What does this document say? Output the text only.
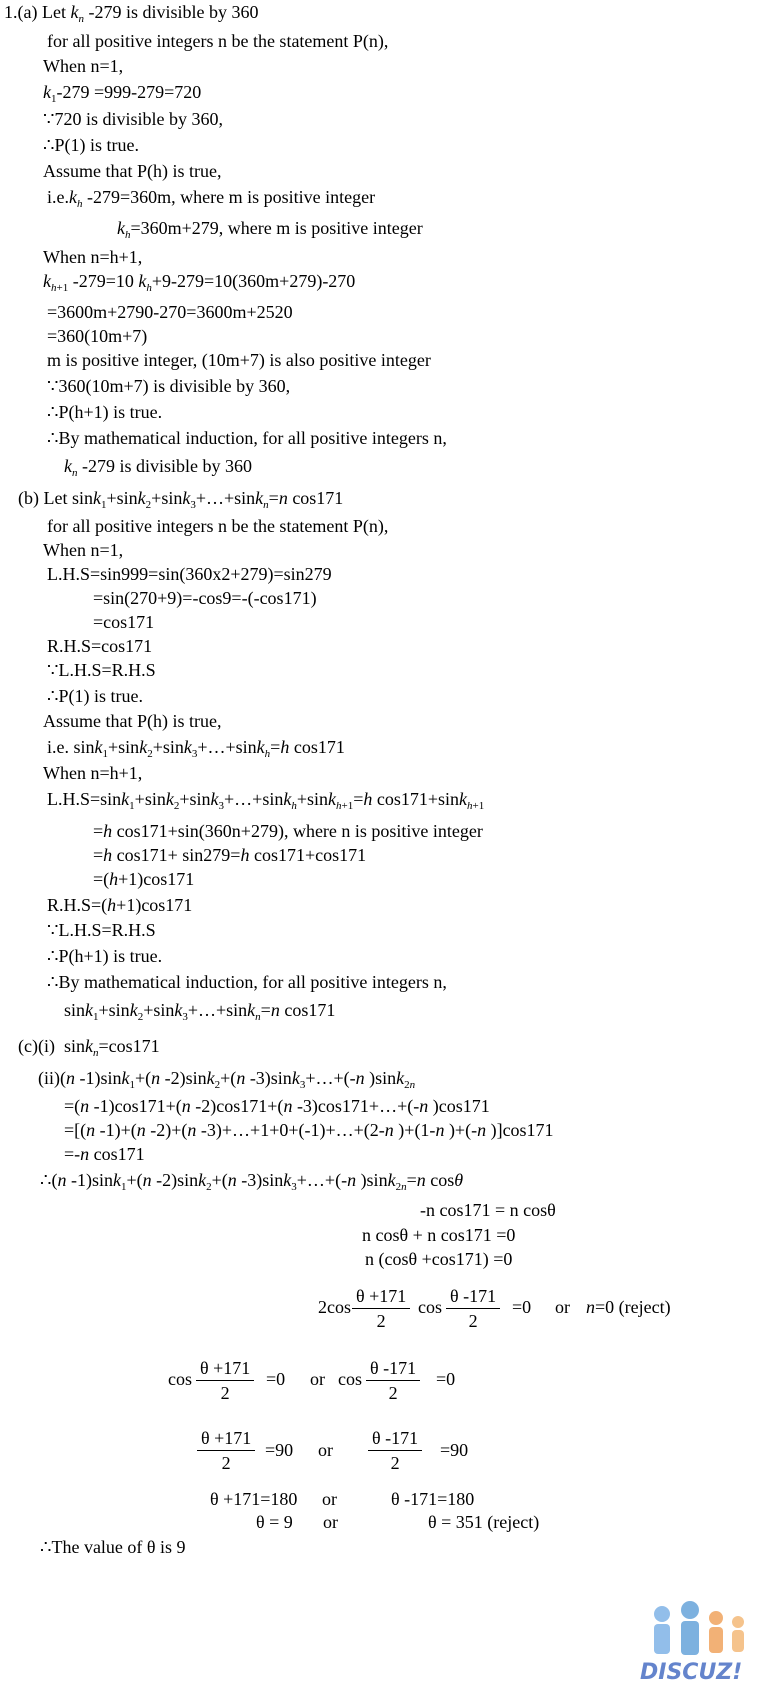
1.(a) Let $k_n$ -279 is divisible by 360
for all positive integers n be the statement P(n),
When n=1,
$k_1-279 =999-279=720$
∵720 is divisible by 360,
∴P(1) is true.
Assume that P(h) is true,
$i.e.k_h$ -279=360m, where m is positive integer
$k_h=360m+279$, where m is positive integer
When n=h+1,
$k_{h+1}$ -279=10 $k_h+9-279=10(360m+279)-270$
=3600m+2790-270=3600m+2520
=360(10m+7)
m is positive integer, (10m+7) is also positive integer
∵360(10m+7) is divisible by 360,
∴P(h+1) is true.
∴By mathematical induction, for all positive integers n,
$k_n$ -279 is divisible by 360
(b) Let sink$_1$+sink$_2$+sink$_3$+…+sink$_n$=n cos171
for all positive integers n be the statement P(n),
When n=1,
L.H.S=sin999=sin(360x2+279)=sin279
=sin(270+9)=-cos9=-(-cos171)
=cos171
R.H.S=cos171
∵L.H.S=R.H.S
∴P(1) is true.
Assume that P(h) is true,
i.e. sink$_1$+sink$_2$+sink$_3$+…+sink$_h$=h cos171
When n=h+1,
L.H.S=sink$_1$+sink$_2$+sink$_3$+…+sink$_h$+sink$_{h+1}$=h cos171+sink$_{h+1}$
=h cos171+sin(360n+279), where n is positive integer
=h cos171+ sin279=h cos171+cos171
=(h+1)cos171
R.H.S=(h+1)cos171
∵L.H.S=R.H.S
∴P(h+1) is true.
∴By mathematical induction, for all positive integers n,
sink$_1$+sink$_2$+sink$_3$+…+sink$_n$=n cos171
(c)(i)  sink$_n$=cos171
(ii)(n -1)sink$_1$+(n -2)sink$_2$+(n -3)sink$_3$+…+(-n )sink$_{2n}$
=(n -1)cos171+(n -2)cos171+(n -3)cos171+…+(-n )cos171
=[(n -1)+(n -2)+(n -3)+…+1+0+(-1)+…+(2-n )+(1-n )+(-n )]cos171
=-n cos171
∴(n -1)sink$_1$+(n -2)sink$_2$+(n -3)sink$_3$+…+(-n )sink$_{2n}$=n cosθ
-n cos171 = n cosθ
n cosθ + n cos171 =0
n (cosθ +cos171) =0
$2\cos \frac{\theta +171}{2}$ $\cos \frac{\theta -171}{2} =0$ or n=0 (reject)
$\cos \frac{\theta +171}{2} =0$ or $\cos \frac{\theta -171}{2} =0$
$\frac{\theta +171}{2} =90$ or $\frac{\theta -171}{2} =90$
θ +171=180 or	θ -171=180
θ = 9 or	θ = 351 (reject)
∴The value of θ is 9
DISCUZ!
